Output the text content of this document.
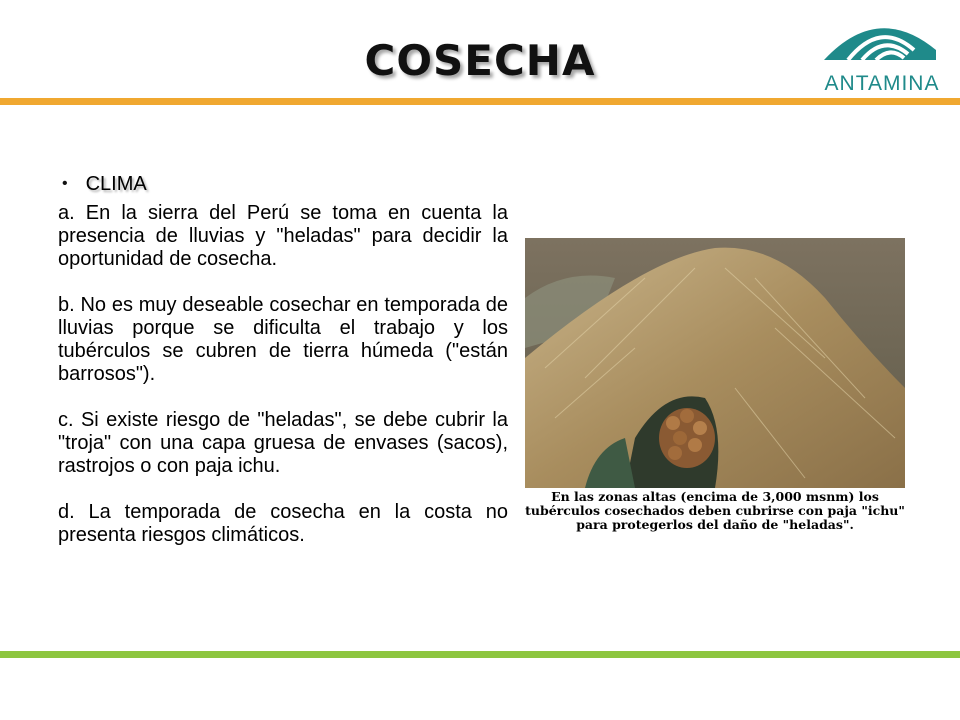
COSECHA	ANTAMINA
• CLIMA

a. En la sierra del Perú se toma en cuenta la presencia de lluvias y "heladas" para decidir la oportunidad de cosecha.

b. No es muy deseable cosechar en temporada de lluvias porque se dificulta el trabajo y los tubérculos se cubren de tierra húmeda ("están barrosos").

c. Si existe riesgo de "heladas", se debe cubrir la "troja" con una capa gruesa de envases (sacos), rastrojos o con paja ichu.

d. La temporada de cosecha en la costa no presenta riesgos climáticos.

En las zonas altas (encima de 3,000 msnm) los tubérculos cosechados deben cubrirse con paja "ichu" para protegerlos del daño de "heladas".
